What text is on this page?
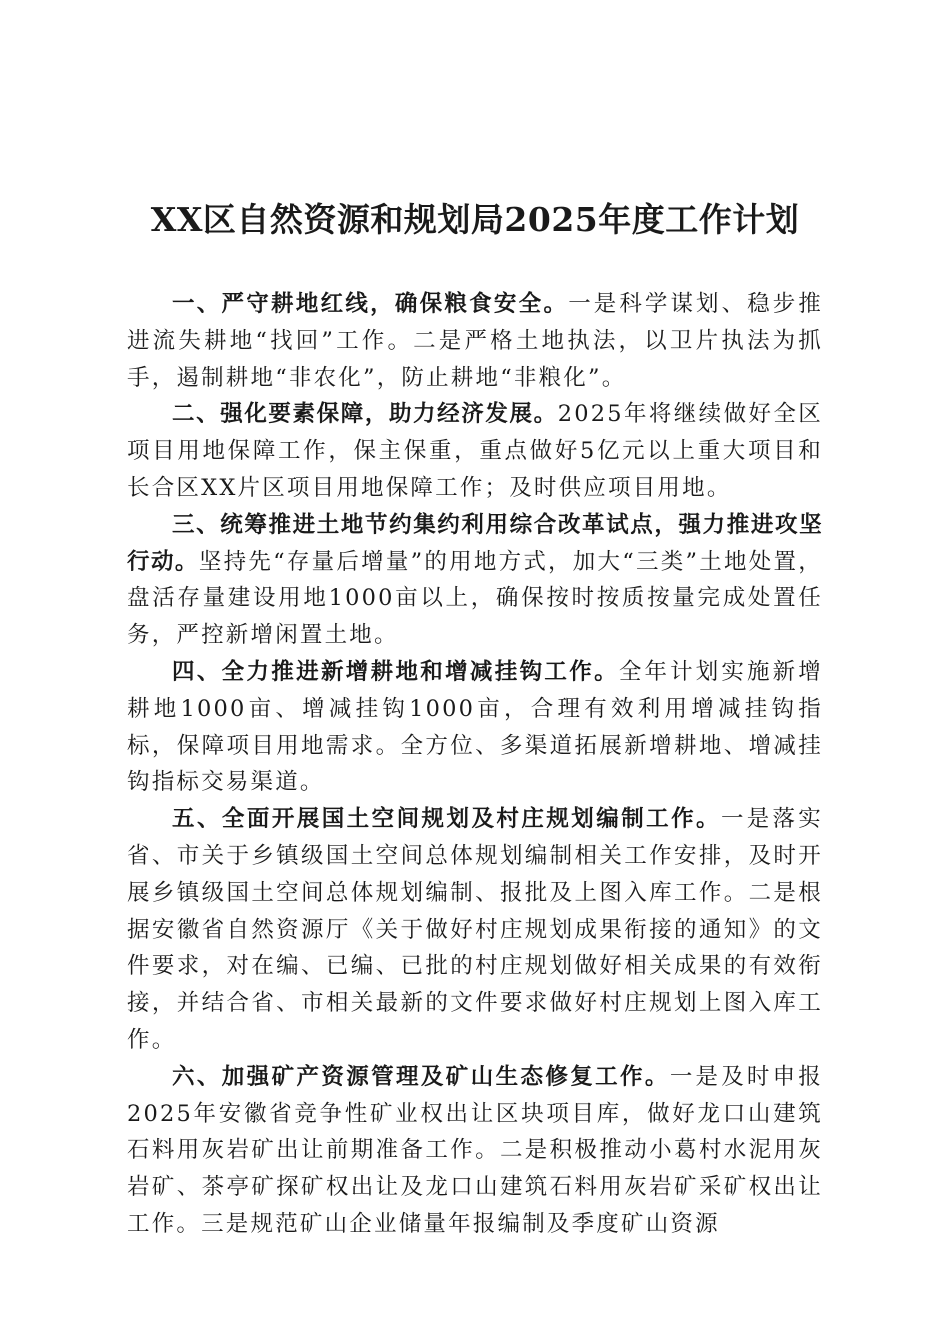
XX区自然资源和规划局2025年度工作计划

一、严守耕地红线，确保粮食安全。一是科学谋划、稳步推进流失耕地“找回”工作。二是严格土地执法，以卫片执法为抓手，遏制耕地“非农化”，防止耕地“非粮化”。

二、强化要素保障，助力经济发展。2025年将继续做好全区项目用地保障工作，保主保重，重点做好5亿元以上重大项目和长合区XX片区项目用地保障工作；及时供应项目用地。

三、统筹推进土地节约集约利用综合改革试点，强力推进攻坚行动。坚持先“存量后增量”的用地方式，加大“三类”土地处置，盘活存量建设用地1000亩以上，确保按时按质按量完成处置任务，严控新增闲置土地。

四、全力推进新增耕地和增减挂钩工作。全年计划实施新增耕地1000亩、增减挂钩1000亩，合理有效利用增减挂钩指标，保障项目用地需求。全方位、多渠道拓展新增耕地、增减挂钩指标交易渠道。

五、全面开展国土空间规划及村庄规划编制工作。一是落实省、市关于乡镇级国土空间总体规划编制相关工作安排，及时开展乡镇级国土空间总体规划编制、报批及上图入库工作。二是根据安徽省自然资源厅《关于做好村庄规划成果衔接的通知》的文件要求，对在编、已编、已批的村庄规划做好相关成果的有效衔接，并结合省、市相关最新的文件要求做好村庄规划上图入库工作。

六、加强矿产资源管理及矿山生态修复工作。一是及时申报2025年安徽省竞争性矿业权出让区块项目库，做好龙口山建筑石料用灰岩矿出让前期准备工作。二是积极推动小葛村水泥用灰岩矿、茶亭矿探矿权出让及龙口山建筑石料用灰岩矿采矿权出让工作。三是规范矿山企业储量年报编制及季度矿山资源
